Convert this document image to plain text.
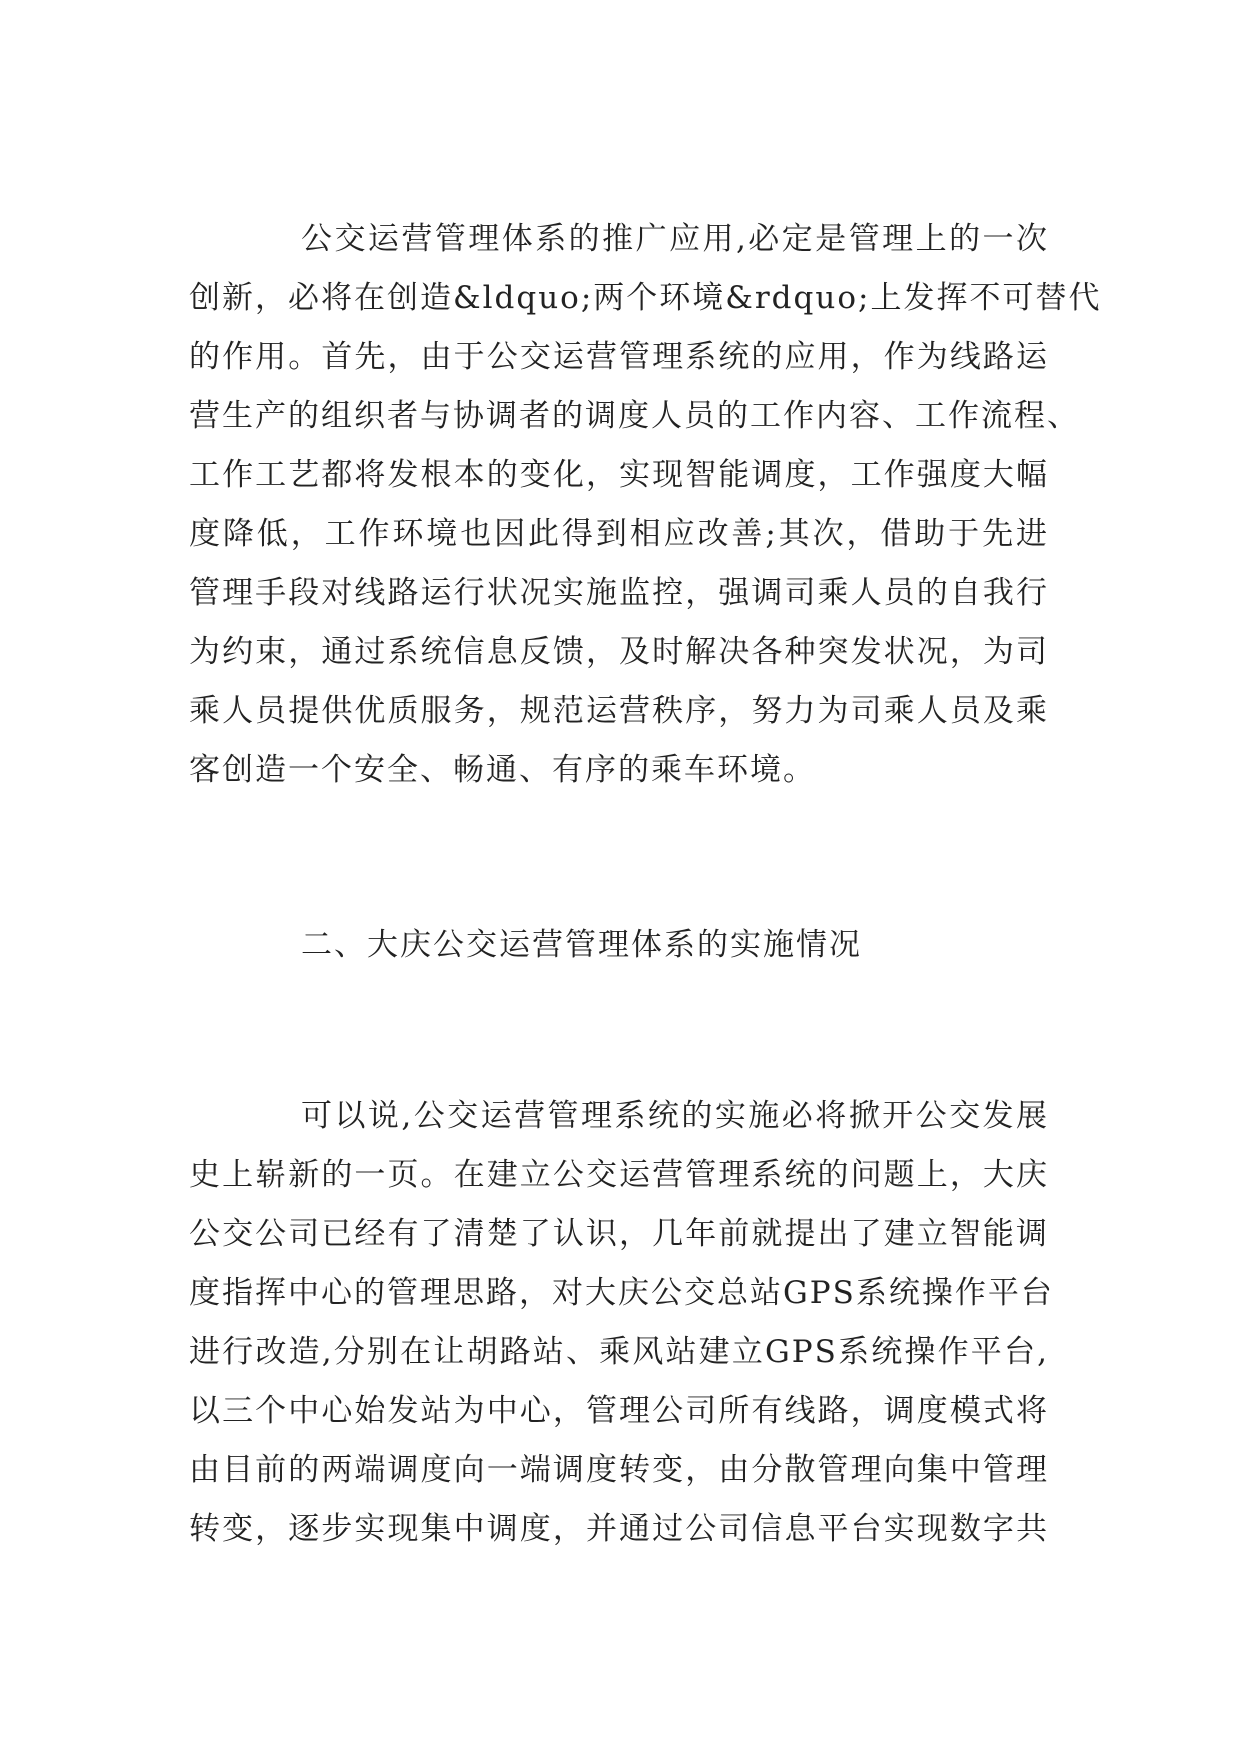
公交运营管理体系的推广应用,必定是管理上的一次
创新，必将在创造&ldquo;两个环境&rdquo;上发挥不可替代
的作用。首先，由于公交运营管理系统的应用，作为线路运
营生产的组织者与协调者的调度人员的工作内容、工作流程、
工作工艺都将发根本的变化，实现智能调度，工作强度大幅
度降低，工作环境也因此得到相应改善;其次，借助于先进
管理手段对线路运行状况实施监控，强调司乘人员的自我行
为约束，通过系统信息反馈，及时解决各种突发状况，为司
乘人员提供优质服务，规范运营秩序，努力为司乘人员及乘
客创造一个安全、畅通、有序的乘车环境。
二、大庆公交运营管理体系的实施情况
可以说,公交运营管理系统的实施必将掀开公交发展
史上崭新的一页。在建立公交运营管理系统的问题上，大庆
公交公司已经有了清楚了认识，几年前就提出了建立智能调
度指挥中心的管理思路，对大庆公交总站GPS系统操作平台
进行改造,分别在让胡路站、乘风站建立GPS系统操作平台,
以三个中心始发站为中心，管理公司所有线路，调度模式将
由目前的两端调度向一端调度转变，由分散管理向集中管理
转变，逐步实现集中调度，并通过公司信息平台实现数字共
